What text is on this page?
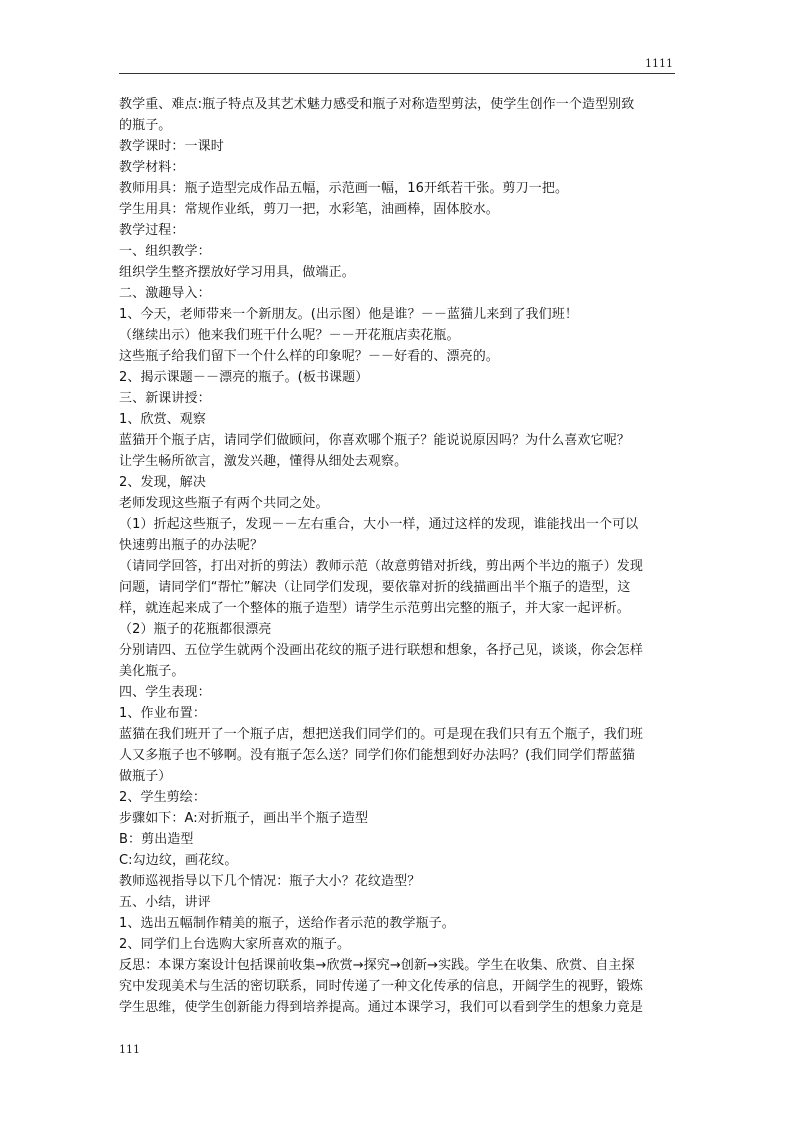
1111
教学重、难点:瓶子特点及其艺术魅力感受和瓶子对称造型剪法，使学生创作一个造型别致
的瓶子。
教学课时：一课时
教学材料：
教师用具：瓶子造型完成作品五幅，示范画一幅，16开纸若干张。剪刀一把。
学生用具：常规作业纸，剪刀一把，水彩笔，油画棒，固体胶水。
教学过程：
一、组织教学：
组织学生整齐摆放好学习用具，做端正。
二、激趣导入：
1、今天，老师带来一个新朋友。(出示图）他是谁？－－蓝猫儿来到了我们班！
（继续出示）他来我们班干什么呢？－－开花瓶店卖花瓶。
这些瓶子给我们留下一个什么样的印象呢？－－好看的、漂亮的。
2、揭示课题－－漂亮的瓶子。(板书课题）
三、新课讲授：
1、欣赏、观察
蓝猫开个瓶子店，请同学们做顾问，你喜欢哪个瓶子？能说说原因吗？为什么喜欢它呢？
让学生畅所欲言，激发兴趣，懂得从细处去观察。
2、发现，解决
老师发现这些瓶子有两个共同之处。
（1）折起这些瓶子，发现－－左右重合，大小一样，通过这样的发现，谁能找出一个可以
快速剪出瓶子的办法呢？
（请同学回答，打出对折的剪法）教师示范（故意剪错对折线，剪出两个半边的瓶子）发现
问题，请同学们“帮忙”解决（让同学们发现，要依靠对折的线描画出半个瓶子的造型，这
样，就连起来成了一个整体的瓶子造型）请学生示范剪出完整的瓶子，并大家一起评析。
（2）瓶子的花瓶都很漂亮
分别请四、五位学生就两个没画出花纹的瓶子进行联想和想象，各抒己见，谈谈，你会怎样
美化瓶子。
四、学生表现：
1、作业布置：
蓝猫在我们班开了一个瓶子店，想把送我们同学们的。可是现在我们只有五个瓶子，我们班
人又多瓶子也不够啊。没有瓶子怎么送？同学们你们能想到好办法吗？(我们同学们帮蓝猫
做瓶子）
2、学生剪绘：
步骤如下：A:对折瓶子，画出半个瓶子造型
B：剪出造型
C:勾边纹，画花纹。
教师巡视指导以下几个情况：瓶子大小？花纹造型？
五、小结，讲评
1、选出五幅制作精美的瓶子，送给作者示范的教学瓶子。
2、同学们上台选购大家所喜欢的瓶子。
反思：本课方案设计包括课前收集→欣赏→探究→创新→实践。学生在收集、欣赏、自主探
究中发现美术与生活的密切联系，同时传递了一种文化传承的信息，开阔学生的视野，锻炼
学生思维，使学生创新能力得到培养提高。通过本课学习，我们可以看到学生的想象力竟是
111
